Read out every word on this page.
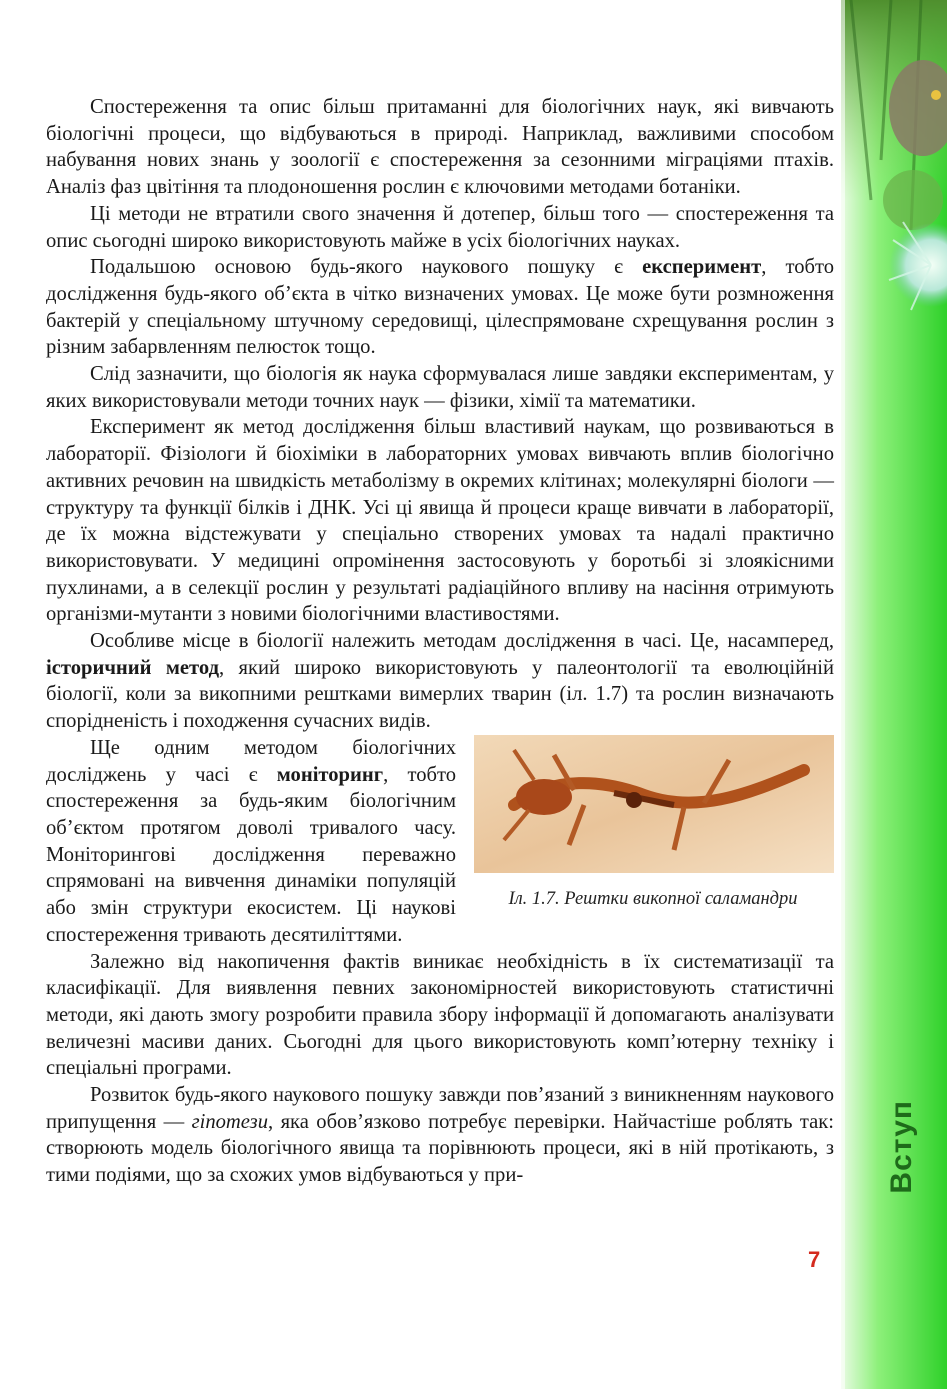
Вступ

Спостереження та опис більш притаманні для біологічних наук, які вивчають біологічні процеси, що відбуваються в природі. Наприклад, важливими способом набування нових знань у зоології є спостереження за сезонними міграціями птахів. Аналіз фаз цвітіння та плодоношення рослин є ключовими методами ботаніки.

Ці методи не втратили свого значення й дотепер, більш того — спостереження та опис сьогодні широко використовують майже в усіх біологічних науках.

Подальшою основою будь-якого наукового пошуку є експеримент, тобто дослідження будь-якого об’єкта в чітко визначених умовах. Це може бути розмноження бактерій у спеціальному штучному середовищі, цілеспрямоване схрещування рослин з різним забарвленням пелюсток тощо.

Слід зазначити, що біологія як наука сформувалася лише завдяки експериментам, у яких використовували методи точних наук — фізики, хімії та математики.

Експеримент як метод дослідження більш властивий наукам, що розвиваються в лабораторії. Фізіологи й біохіміки в лабораторних умовах вивчають вплив біологічно активних речовин на швидкість метаболізму в окремих клітинах; молекулярні біологи — структуру та функції білків і ДНК. Усі ці явища й процеси краще вивчати в лабораторії, де їх можна відстежувати у спеціально створених умовах та надалі практично використовувати. У медицині опромінення застосовують у боротьбі зі злоякісними пухлинами, а в селекції рослин у результаті радіаційного впливу на насіння отримують організми-мутанти з новими біологічними властивостями.

Особливе місце в біології належить методам дослідження в часі. Це, насамперед, історичний метод, який широко використовують у палеонтології та еволюційній біології, коли за викопними рештками вимерлих тварин (іл. 1.7) та рослин визначають спорідненість і походження сучасних видів.

Іл. 1.7. Рештки викопної саламандри

Ще одним методом біологічних досліджень у часі є моніторинг, тобто спостереження за будь-яким біологічним об’єктом протягом доволі тривалого часу. Моніторингові дослідження переважно спрямовані на вивчення динаміки популяцій або змін структури екосистем. Ці наукові спостереження тривають десятиліттями.

Залежно від накопичення фактів виникає необхідність в їх систематизації та класифікації. Для виявлення певних закономірностей використовують статистичні методи, які дають змогу розробити правила збору інформації й допомагають аналізувати величезні масиви даних. Сьогодні для цього використовують комп’ютерну техніку і спеціальні програми.

Розвиток будь-якого наукового пошуку завжди пов’язаний з виникненням наукового припущення — гіпотези, яка обов’язково потребує перевірки. Найчастіше роблять так: створюють модель біологічного явища та порівнюють процеси, які в ній протікають, з тими подіями, що за схожих умов відбуваються у при-

7
